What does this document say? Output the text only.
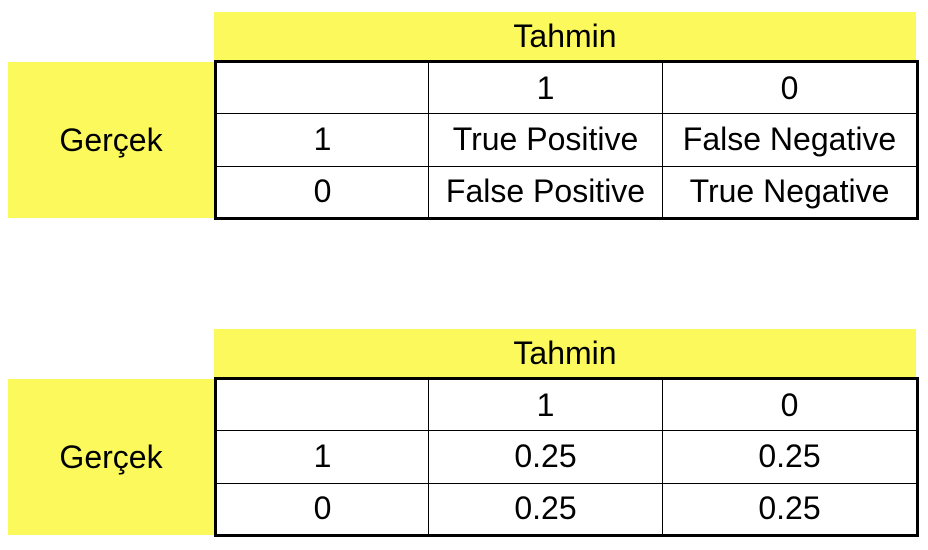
Tahmin
Gerçek
	1	0
1	True Positive	False Negative
0	False Positive	True Negative
Tahmin
Gerçek
	1	0
1	0.25	0.25
0	0.25	0.25
